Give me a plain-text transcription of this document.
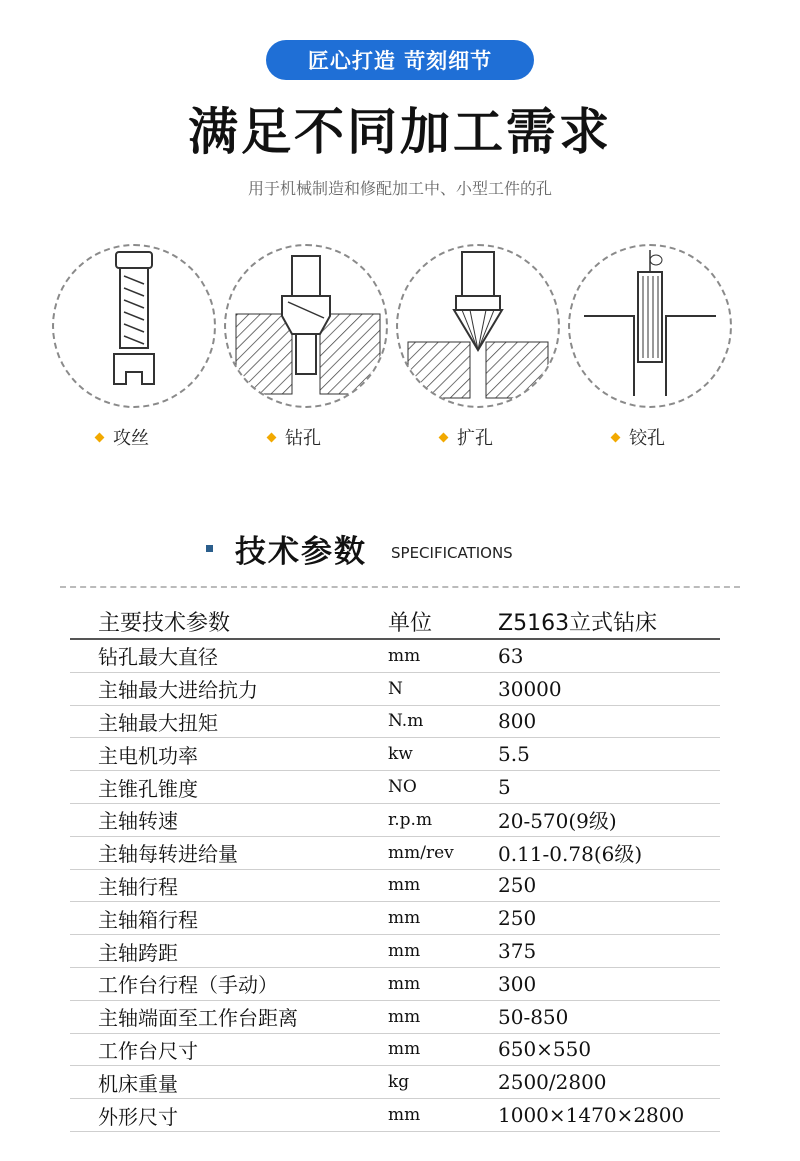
匠心打造 苛刻细节
满足不同加工需求
用于机械制造和修配加工中、小型工件的孔
攻丝	钻孔	扩孔	铰孔
技术参数 SPECIFICATIONS
主要技术参数	单位	Z5163立式钻床
钻孔最大直径	mm	63
主轴最大进给抗力	N	30000
主轴最大扭矩	N.m	800
主电机功率	kw	5.5
主锥孔锥度	NO	5
主轴转速	r.p.m	20-570(9级)
主轴每转进给量	mm/rev	0.11-0.78(6级)
主轴行程	mm	250
主轴箱行程	mm	250
主轴跨距	mm	375
工作台行程（手动）	mm	300
主轴端面至工作台距离	mm	50-850
工作台尺寸	mm	650×550
机床重量	kg	2500/2800
外形尺寸	mm	1000×1470×2800
